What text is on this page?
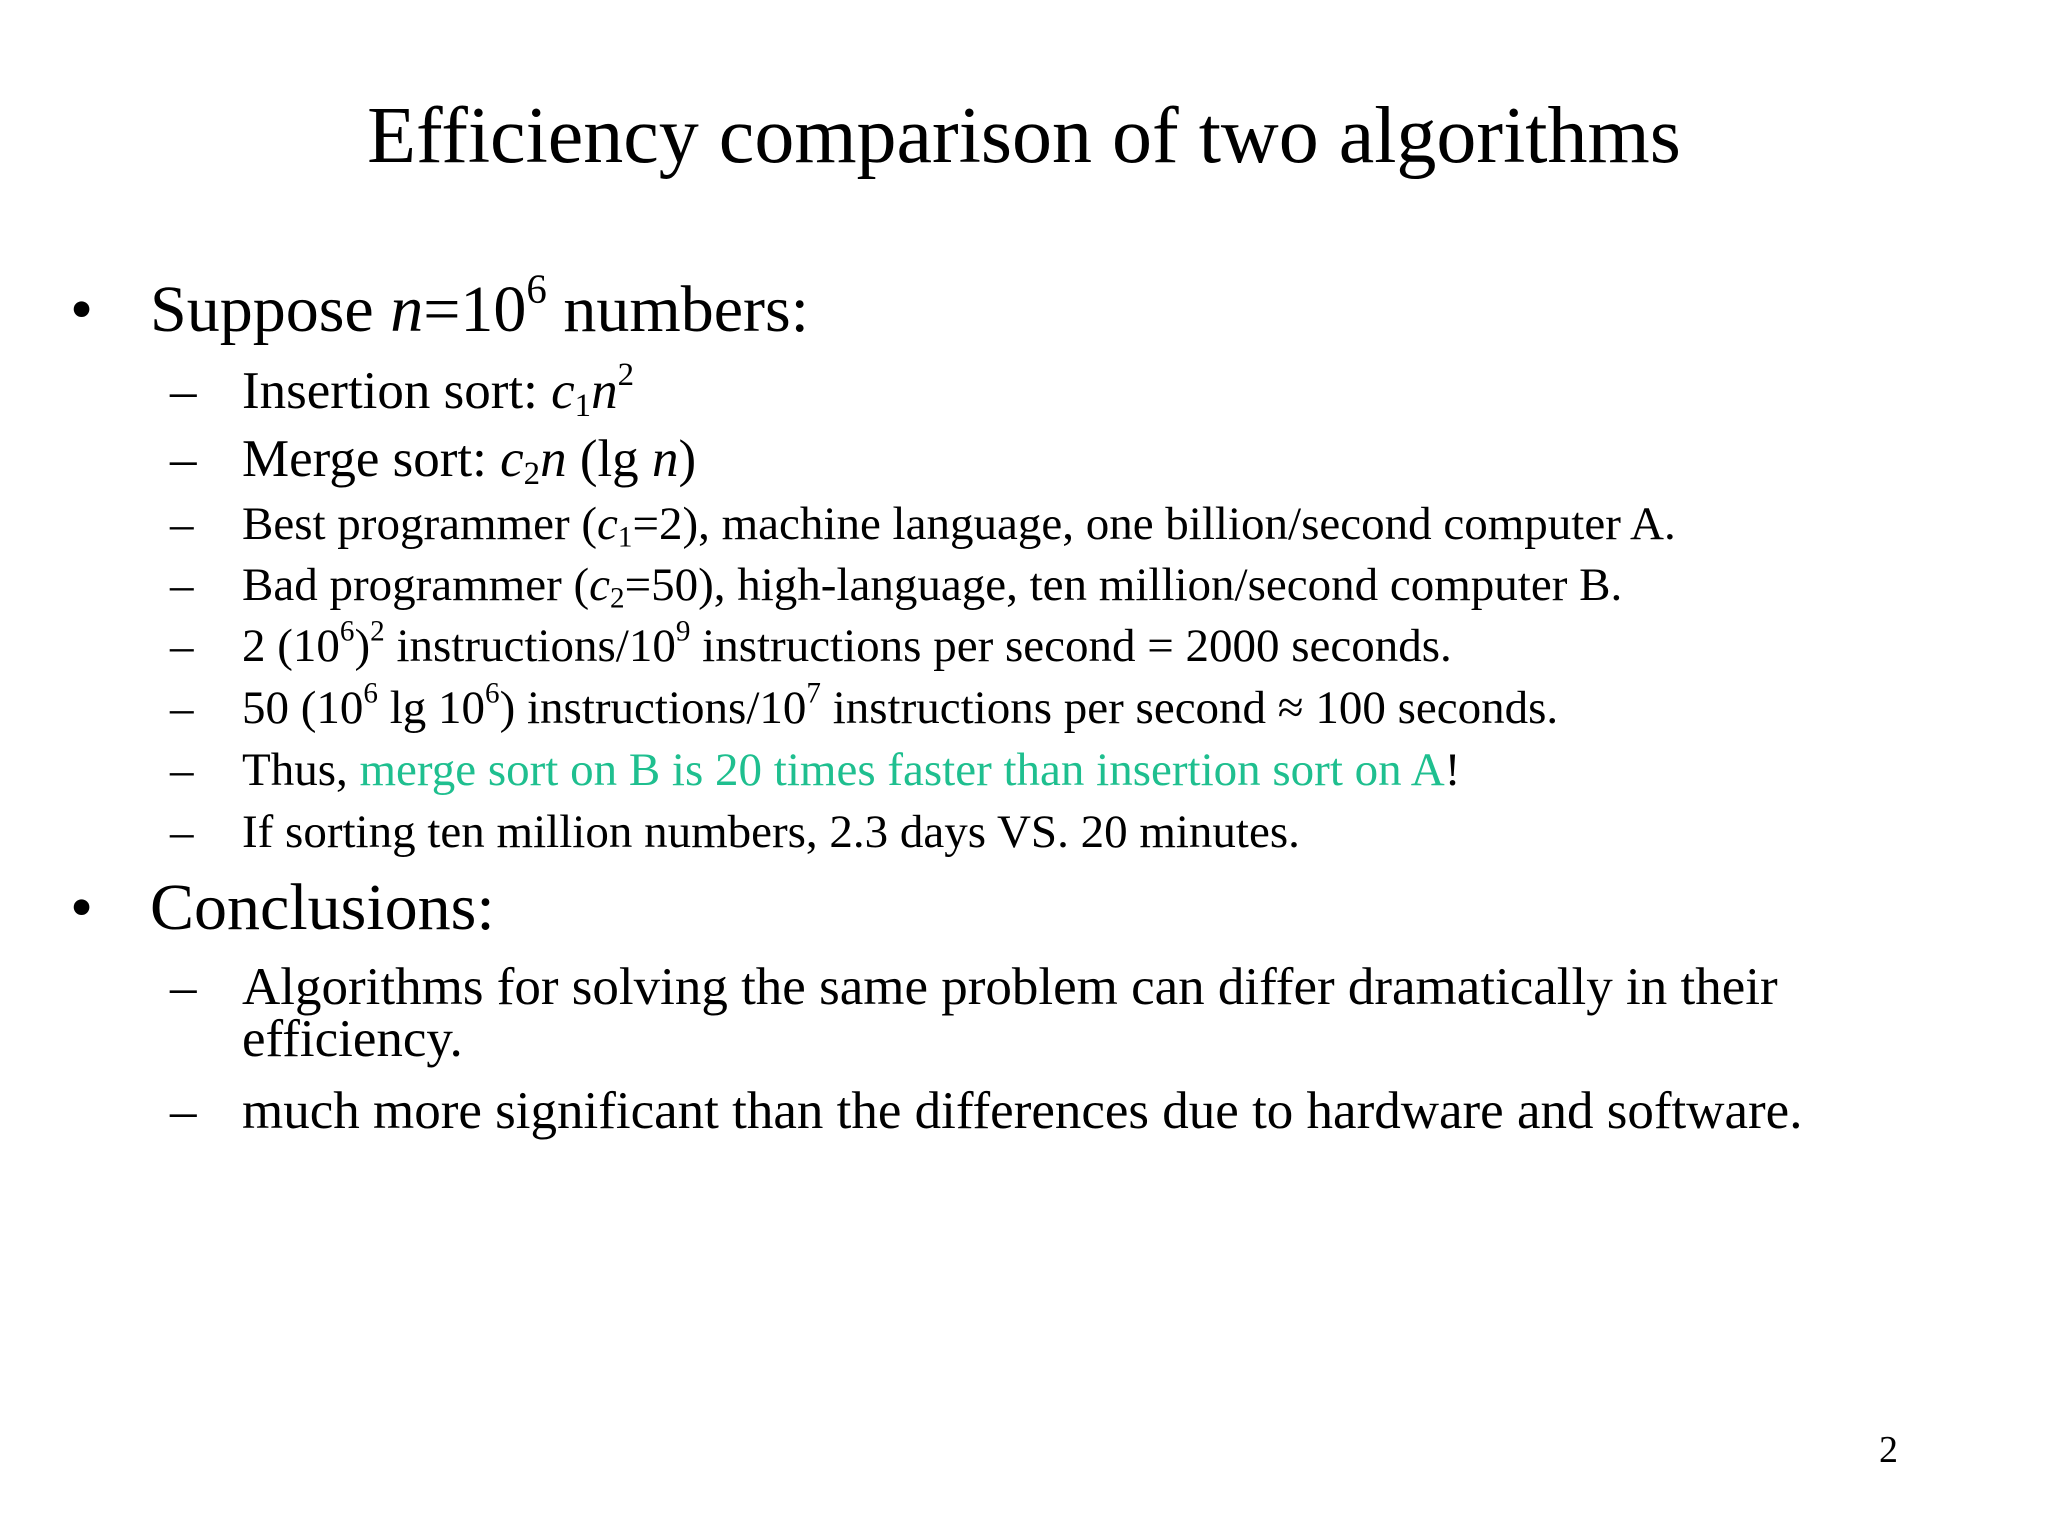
Efficiency comparison of two algorithms
• Suppose $n=10^6$ numbers:
– Insertion sort: $c_1n^2$
– Merge sort: $c_2n$ (lg n)
– Best programmer $(c_1=2)$, machine language, one billion/second computer A.
– Bad programmer $(c_2=50)$, high-language, ten million/second computer B.
– 2 $(10^6)^2$ instructions/$10^9$ instructions per second = 2000 seconds.
– 50 ($10^6$ $\lg 10^6$) instructions/$10^7$ instructions per second ≈ 100 seconds.
– Thus, merge sort on B is 20 times faster than insertion sort on A!
– If sorting ten million numbers, 2.3 days VS. 20 minutes.
• Conclusions:
– Algorithms for solving the same problem can differ dramatically in their
efficiency.
– much more significant than the differences due to hardware and software.
2
